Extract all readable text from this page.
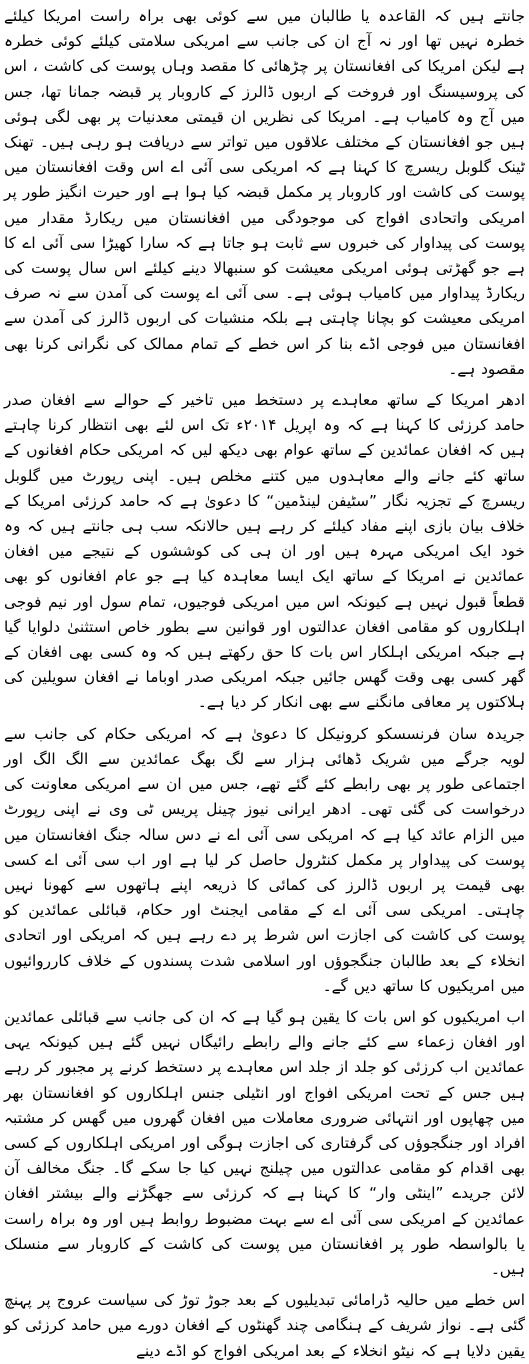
جانتے ہیں کہ القاعدہ یا طالبان میں سے کوئی بھی براہ راست امریکا کیلئے خطرہ نہیں تھا اور نہ آج ان کی جانب سے امریکی سلامتی کیلئے کوئی خطرہ ہے لیکن امریکا کی افغانستان پر چڑھائی کا مقصد وہاں پوست کی کاشت ، اس کی پروسیسنگ اور فروخت کے اربوں ڈالرز کے کاروبار پر قبضہ جمانا تھا، جس میں آج وہ کامیاب ہے۔ امریکا کی نظریں ان قیمتی معدنیات پر بھی لگی ہوئی ہیں جو افغانستان کے مختلف علاقوں میں تواتر سے دریافت ہو رہی ہیں۔ تھنک ٹینک گلوبل ریسرچ کا کہنا ہے کہ امریکی سی آئی اے اس وقت افغانستان میں پوست کی کاشت اور کاروبار پر مکمل قبضہ کیا ہوا ہے اور حیرت انگیز طور پر امریکی واتحادی افواج کی موجودگی میں افغانستان میں ریکارڈ مقدار میں پوست کی پیداوار کی خبروں سے ثابت ہو جاتا ہے کہ سارا کھیڑا سی آئی اے کا ہے جو گھڑتی ہوئی امریکی معیشت کو سنبھالا دینے کیلئے اس سال پوست کی ریکارڈ پیداوار میں کامیاب ہوئی ہے۔ سی آئی اے پوست کی آمدن سے نہ صرف امریکی معیشت کو بچانا چاہتی ہے بلکہ منشیات کی اربوں ڈالرز کی آمدن سے افغانستان میں فوجی اڈے بنا کر اس خطے کے تمام ممالک کی نگرانی کرنا بھی مقصود ہے۔

ادھر امریکا کے ساتھ معاہدے پر دستخط میں تاخیر کے حوالے سے افغان صدر حامد کرزئی کا کہنا ہے کہ وہ اپریل ۲۰۱۴ء تک اس لئے بھی انتظار کرنا چاہتے ہیں کہ افغان عمائدین کے ساتھ عوام بھی دیکھ لیں کہ امریکی حکام افغانوں کے ساتھ کئے جانے والے معاہدوں میں کتنے مخلص ہیں۔ اپنی رپورٹ میں گلوبل ریسرچ کے تجزیہ نگار ”سٹیفن لینڈمین“ کا دعویٰ ہے کہ حامد کرزئی امریکا کے خلاف بیان بازی اپنے مفاد کیلئے کر رہے ہیں حالانکہ سب ہی جانتے ہیں کہ وہ خود ایک امریکی مہرہ ہیں اور ان ہی کی کوششوں کے نتیجے میں افغان عمائدین نے امریکا کے ساتھ ایک ایسا معاہدہ کیا ہے جو عام افغانوں کو بھی قطعاً قبول نہیں ہے کیونکہ اس میں امریکی فوجیوں، تمام سول اور نیم فوجی اہلکاروں کو مقامی افغان عدالتوں اور قوانین سے بطور خاص استثنیٰ دلوایا گیا ہے جبکہ امریکی اہلکار اس بات کا حق رکھتے ہیں کہ وہ کسی بھی افغان کے گھر کسی بھی وقت گھس جائیں جبکہ امریکی صدر اوباما نے افغان سویلین کی ہلاکتوں پر معافی مانگنے سے بھی انکار کر دیا ہے۔

جریدہ سان فرنسسکو کرونیکل کا دعویٰ ہے کہ امریکی حکام کی جانب سے لویہ جرگے میں شریک ڈھائی ہزار سے لگ بھگ عمائدین سے الگ الگ اور اجتماعی طور پر بھی رابطے کئے گئے تھے، جس میں ان سے امریکی معاونت کی درخواست کی گئی تھی۔ ادھر ایرانی نیوز چینل پریس ٹی وی نے اپنی رپورٹ میں الزام عائد کیا ہے کہ امریکی سی آئی اے نے دس سالہ جنگ افغانستان میں پوست کی پیداوار پر مکمل کنٹرول حاصل کر لیا ہے اور اب سی آئی اے کسی بھی قیمت پر اربوں ڈالرز کی کمائی کا ذریعہ اپنے ہاتھوں سے کھونا نہیں چاہتی۔ امریکی سی آئی اے کے مقامی ایجنٹ اور حکام، قبائلی عمائدین کو پوست کی کاشت کی اجازت اس شرط پر دے رہے ہیں کہ امریکی اور اتحادی انخلاء کے بعد طالبان جنگجوؤں اور اسلامی شدت پسندوں کے خلاف کارروائیوں میں امریکیوں کا ساتھ دیں گے۔

اب امریکیوں کو اس بات کا یقین ہو گیا ہے کہ ان کی جانب سے قبائلی عمائدین اور افغان زعماء سے کئے جانے والے رابطے رائیگاں نہیں گئے ہیں کیونکہ یہی عمائدین اب کرزئی کو جلد از جلد اس معاہدے پر دستخط کرنے پر مجبور کر رہے ہیں جس کے تحت امریکی افواج اور انٹیلی جنس اہلکاروں کو افغانستان بھر میں چھاپوں اور انتہائی ضروری معاملات میں افغان گھروں میں گھس کر مشتبہ افراد اور جنگجوؤں کی گرفتاری کی اجازت ہوگی اور امریکی اہلکاروں کے کسی بھی اقدام کو مقامی عدالتوں میں چیلنج نہیں کیا جا سکے گا۔ جنگ مخالف آن لائن جریدے ”اینٹی وار“ کا کہنا ہے کہ کرزئی سے جھگڑنے والے بیشتر افغان عمائدین کے امریکی سی آئی اے سے بہت مضبوط روابط ہیں اور وہ براہ راست یا بالواسطہ طور پر افغانستان میں پوست کی کاشت کے کاروبار سے منسلک ہیں۔

اس خطے میں حالیہ ڈرامائی تبدیلیوں کے بعد جوڑ توڑ کی سیاست عروج پر پہنچ گئی ہے۔ نواز شریف کے ہنگامی چند گھنٹوں کے افغان دورے میں حامد کرزئی کو یقین دلایا ہے کہ نیٹو انخلاء کے بعد امریکی افواج کو اڈے دینے
